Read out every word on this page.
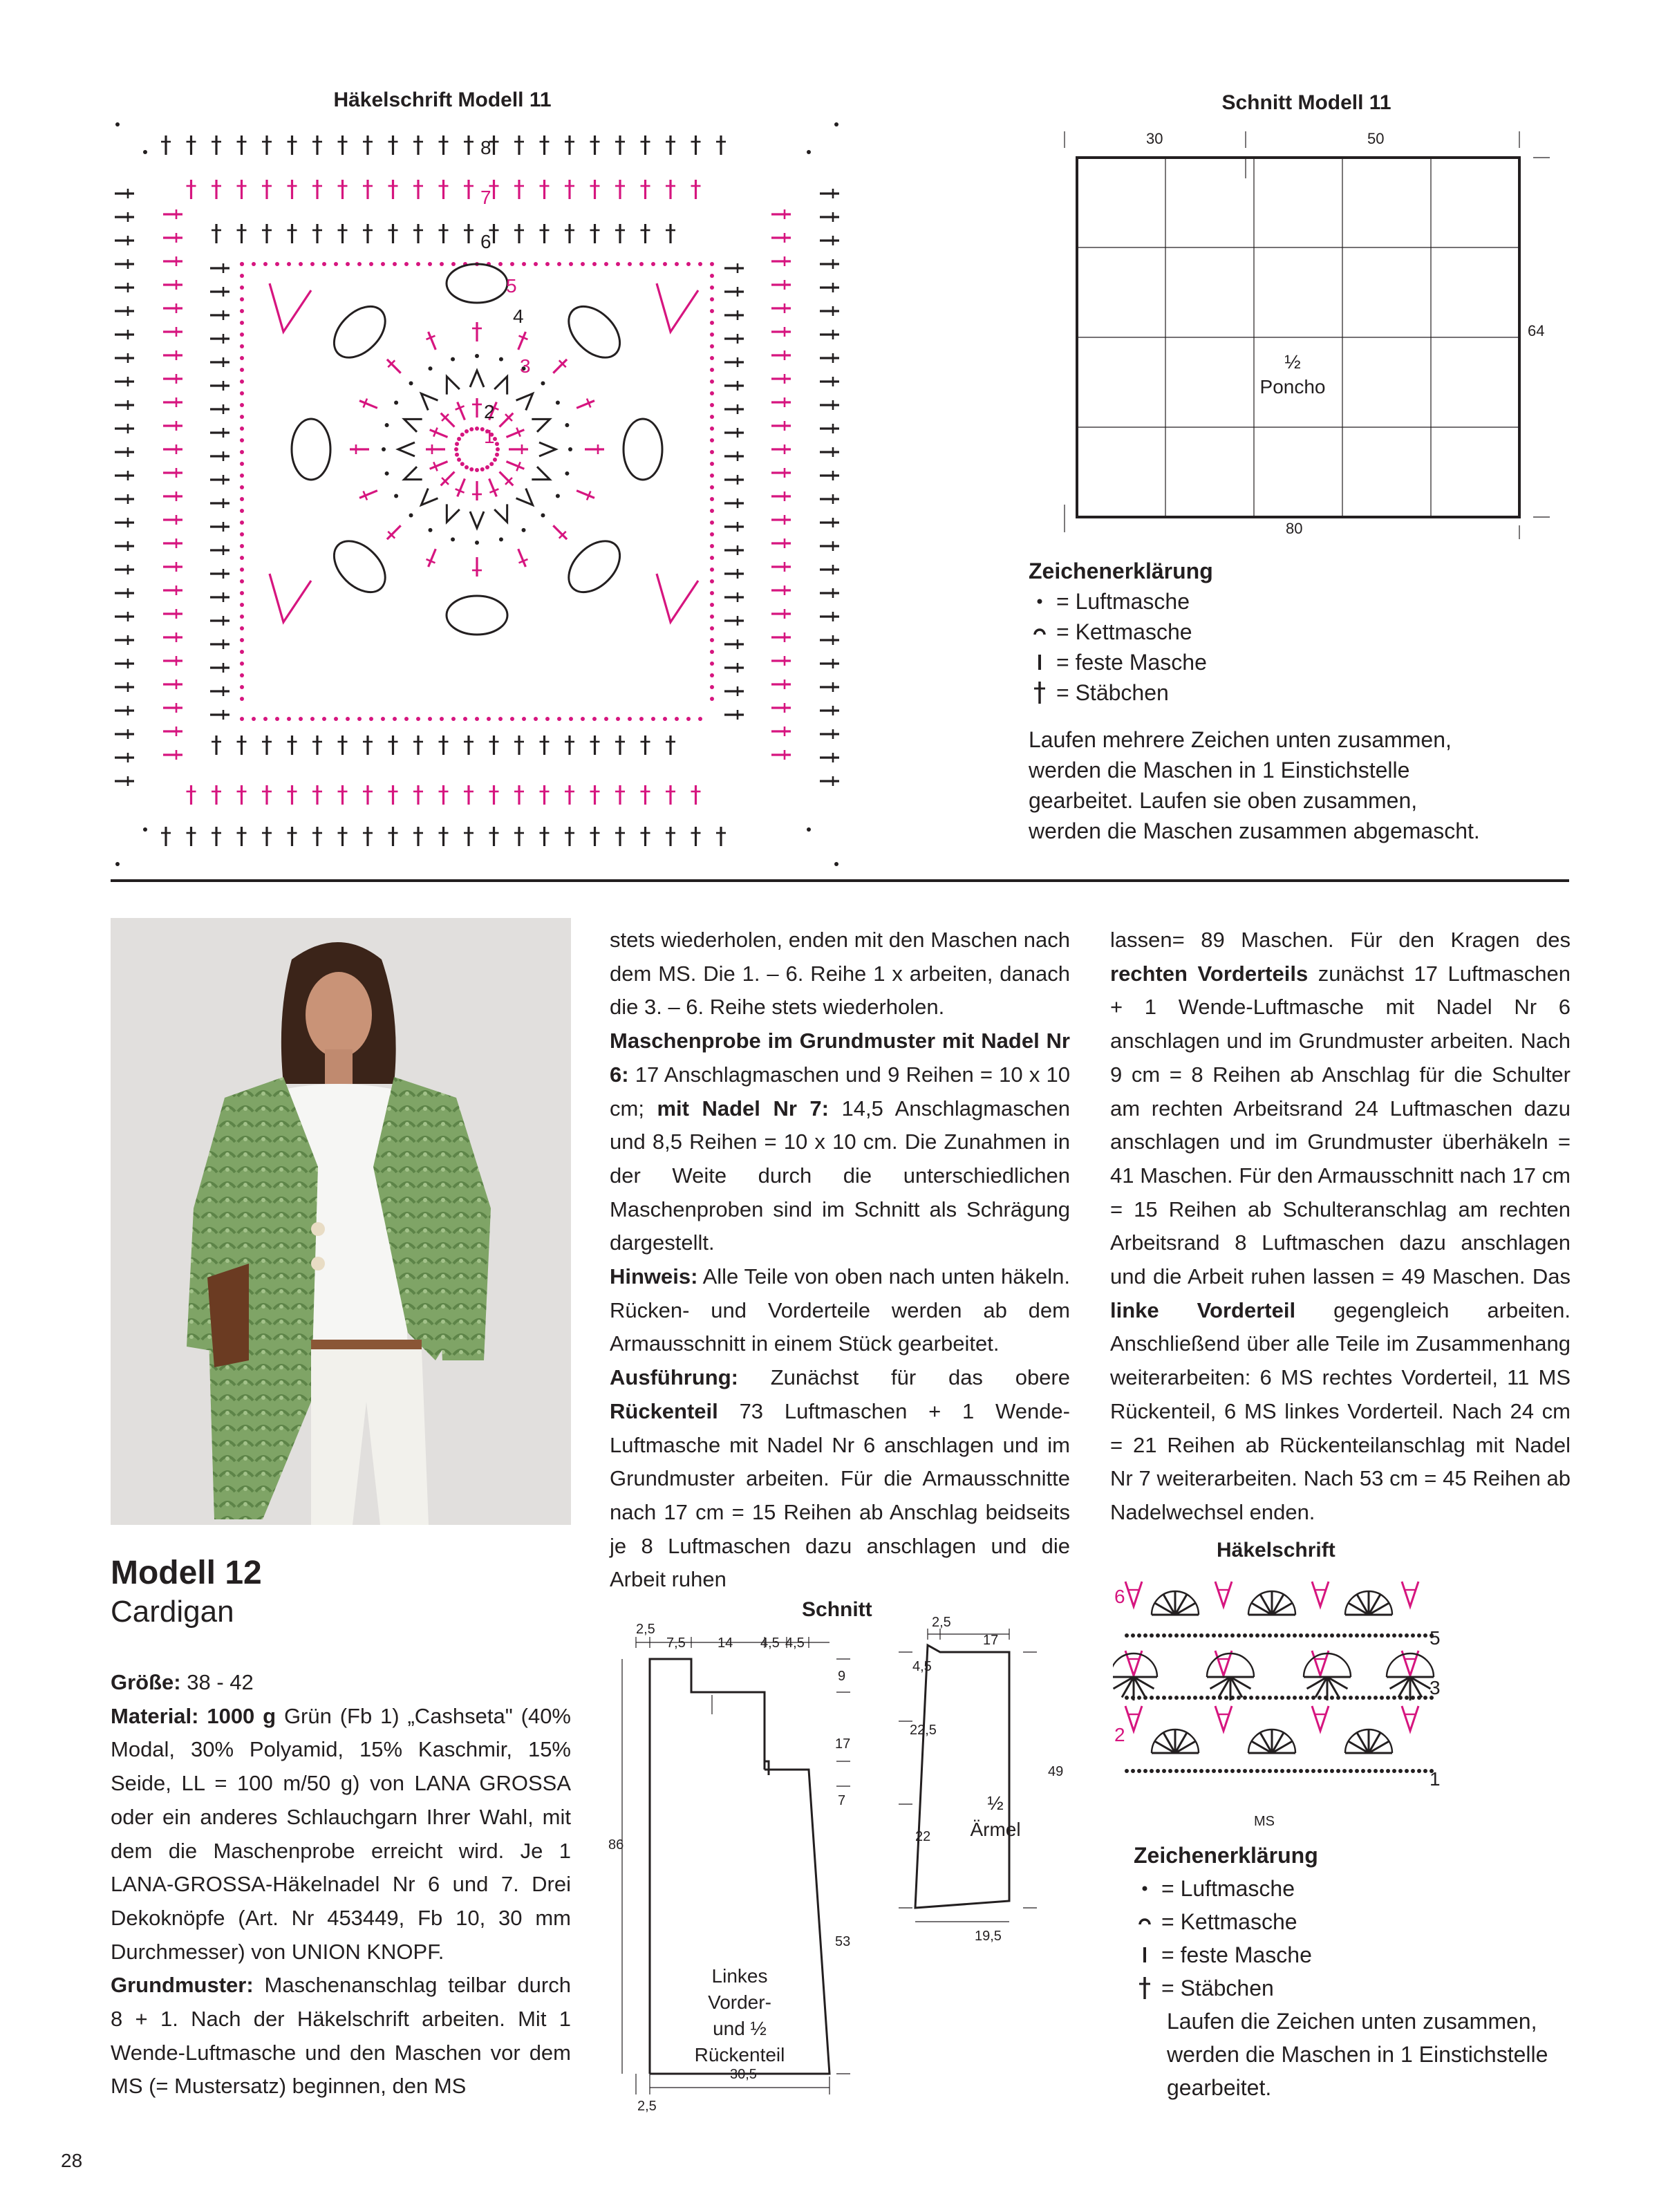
Häkelschrift Modell 11
8
7
6
5
4
3
2
1
Schnitt Modell 11
30	50
64
80
½
Poncho
Zeichenerklärung
= Luftmasche
= Kettmasche
= feste Masche
= Stäbchen
Laufen mehrere Zeichen unten zusammen,
werden die Maschen in 1 Einstichstelle
gearbeitet. Laufen sie oben zusammen,
werden die Maschen zusammen abgemascht.
Modell 12
Cardigan
Größe: 38 - 42
Material: 1000 g Grün (Fb 1) „Cashseta" (40% Modal, 30% Polyamid, 15% Kaschmir, 15% Seide, LL = 100 m/50 g) von LANA GROSSA oder ein anderes Schlauchgarn Ihrer Wahl, mit dem die Maschenprobe erreicht wird. Je 1 LANA-GROSSA-Häkelnadel Nr 6 und 7. Drei Dekoknöpfe (Art. Nr 453449, Fb 10, 30 mm Durchmesser) von UNION KNOPF.
Grundmuster: Maschenanschlag teilbar durch 8 + 1. Nach der Häkelschrift arbeiten. Mit 1 Wende-Luftmasche und den Maschen vor dem MS (= Mustersatz) beginnen, den MS
stets wiederholen, enden mit den Maschen nach dem MS. Die 1. – 6. Reihe 1 x arbeiten, danach die 3. – 6. Reihe stets wiederholen.
Maschenprobe im Grundmuster mit Nadel Nr 6: 17 Anschlagmaschen und 9 Reihen = 10 x 10 cm; mit Nadel Nr 7: 14,5 Anschlagmaschen und 8,5 Reihen = 10 x 10 cm. Die Zunahmen in der Weite durch die unterschiedlichen Maschenproben sind im Schnitt als Schrägung dargestellt.
Hinweis: Alle Teile von oben nach unten häkeln. Rücken- und Vorderteile werden ab dem Armausschnitt in einem Stück gearbeitet.
Ausführung: Zunächst für das obere Rückenteil 73 Luftmaschen + 1 Wende-Luftmasche mit Nadel Nr 6 anschlagen und im Grundmuster arbeiten. Für die Armausschnitte nach 17 cm = 15 Reihen ab Anschlag beidseits je 8 Luftmaschen dazu anschlagen und die Arbeit ruhen
lassen= 89 Maschen. Für den Kragen des rechten Vorderteils zunächst 17 Luftmaschen + 1 Wende-Luftmasche mit Nadel Nr 6 anschlagen und im Grundmuster arbeiten. Nach 9 cm = 8 Reihen ab Anschlag für die Schulter am rechten Arbeitsrand 24 Luftmaschen dazu anschlagen und im Grundmuster überhäkeln = 41 Maschen. Für den Armausschnitt nach 17 cm = 15 Reihen ab Schulteranschlag am rechten Arbeitsrand 8 Luftmaschen dazu anschlagen und die Arbeit ruhen lassen = 49 Maschen. Das linke Vorderteil gegengleich arbeiten. Anschließend über alle Teile im Zusammenhang weiterarbeiten: 6 MS rechtes Vorderteil, 11 MS Rückenteil, 6 MS linkes Vorderteil. Nach 24 cm = 21 Reihen ab Rückenteilanschlag mit Nadel Nr 7 weiterarbeiten. Nach 53 cm = 45 Reihen ab Nadelwechsel enden.
Schnitt
2,5
7,5 14 4,5 4,5
9
17
7
86
53
30,5
2,5
Linkes
Vorder-
und ½
Rückenteil
2,5
17
4,5
22,5
22
49
19,5
½
Ärmel
Häkelschrift
6
2
5
3
1
MS
Zeichenerklärung
= Luftmasche
= Kettmasche
= feste Masche
= Stäbchen
Laufen die Zeichen unten zusammen,
werden die Maschen in 1 Einstichstelle
gearbeitet.
28
